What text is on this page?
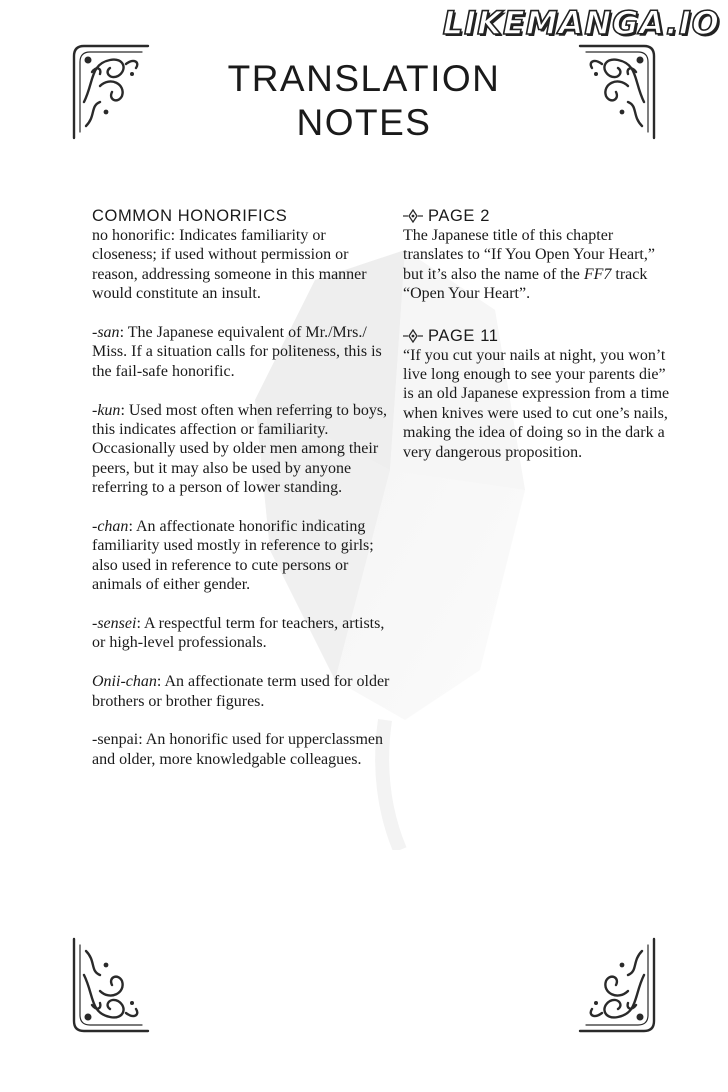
LIKEMANGA.IO
TRANSLATION
NOTES
COMMON HONORIFICS

no honorific: Indicates familiarity or closeness; if used without permission or reason, addressing someone in this manner would constitute an insult.

-san: The Japanese equivalent of Mr./Mrs./ Miss. If a situation calls for politeness, this is the fail-safe honorific.

-kun: Used most often when referring to boys, this indicates affection or familiarity. Occasionally used by older men among their peers, but it may also be used by anyone referring to a person of lower standing.

-chan: An affectionate honorific indicating familiarity used mostly in reference to girls; also used in reference to cute persons or animals of either gender.

-sensei: A respectful term for teachers, artists, or high-level professionals.

Onii-chan: An affectionate term used for older brothers or brother figures.

-senpai: An honorific used for upperclassmen and older, more knowledgable colleagues.

PAGE 2

The Japanese title of this chapter translates to “If You Open Your Heart,” but it’s also the name of the FF7 track “Open Your Heart”.

PAGE 11

“If you cut your nails at night, you won’t live long enough to see your parents die” is an old Japanese expression from a time when knives were used to cut one’s nails, making the idea of doing so in the dark a very dangerous proposition.
